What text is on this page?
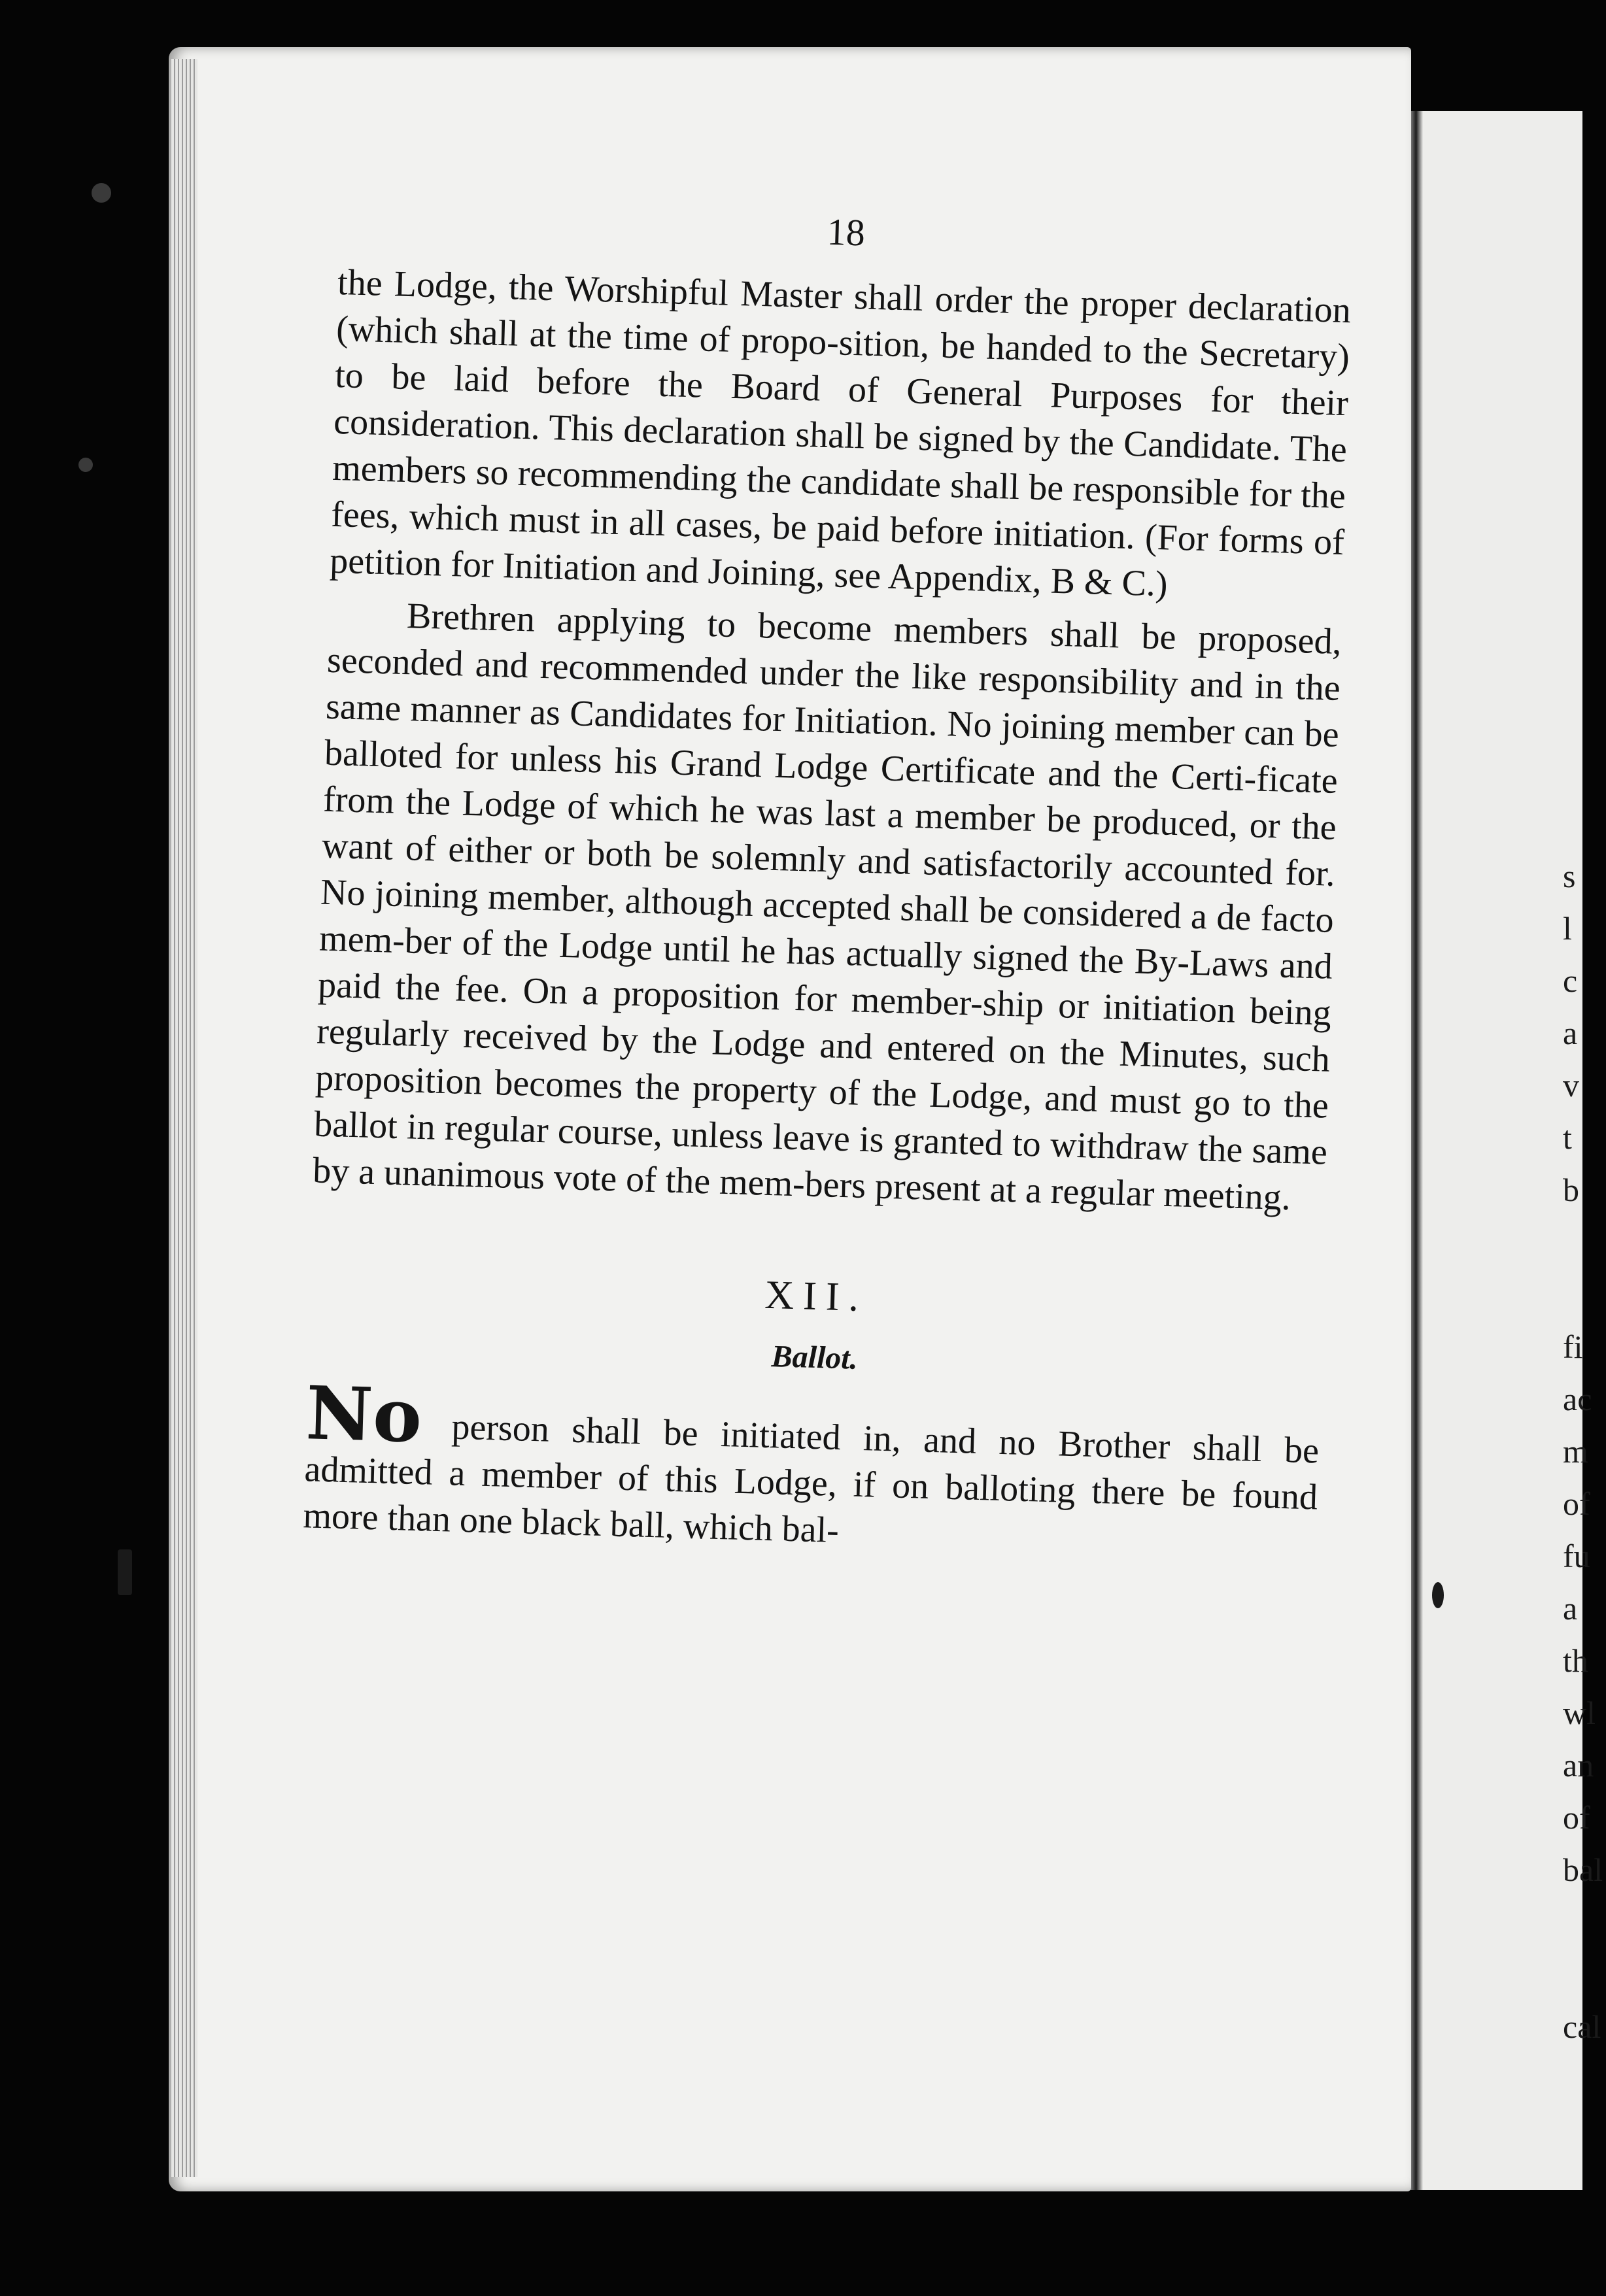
18

the Lodge, the Worshipful Master shall order the proper declaration (which shall at the time of propo-sition, be handed to the Secretary) to be laid before the Board of General Purposes for their consideration. This declaration shall be signed by the Candidate. The members so recommending the candidate shall be responsible for the fees, which must in all cases, be paid before initiation. (For forms of petition for Initiation and Joining, see Appendix, B & C.)

Brethren applying to become members shall be proposed, seconded and recommended under the like responsibility and in the same manner as Candidates for Initiation. No joining member can be balloted for unless his Grand Lodge Certificate and the Certi-ficate from the Lodge of which he was last a member be produced, or the want of either or both be solemnly and satisfactorily accounted for. No joining member, although accepted shall be considered a de facto mem-ber of the Lodge until he has actually signed the By-Laws and paid the fee. On a proposition for member-ship or initiation being regularly received by the Lodge and entered on the Minutes, such proposition becomes the property of the Lodge, and must go to the ballot in regular course, unless leave is granted to withdraw the same by a unanimous vote of the mem-bers present at a regular meeting.

XII.
Ballot.

No person shall be initiated in, and no Brother shall be admitted a member of this Lodge, if on balloting there be found more than one black ball, which bal-

s
l
c
a
v
t
b
fi
ac
m
of
fu
a
th
wl
an
of
bal
cal
